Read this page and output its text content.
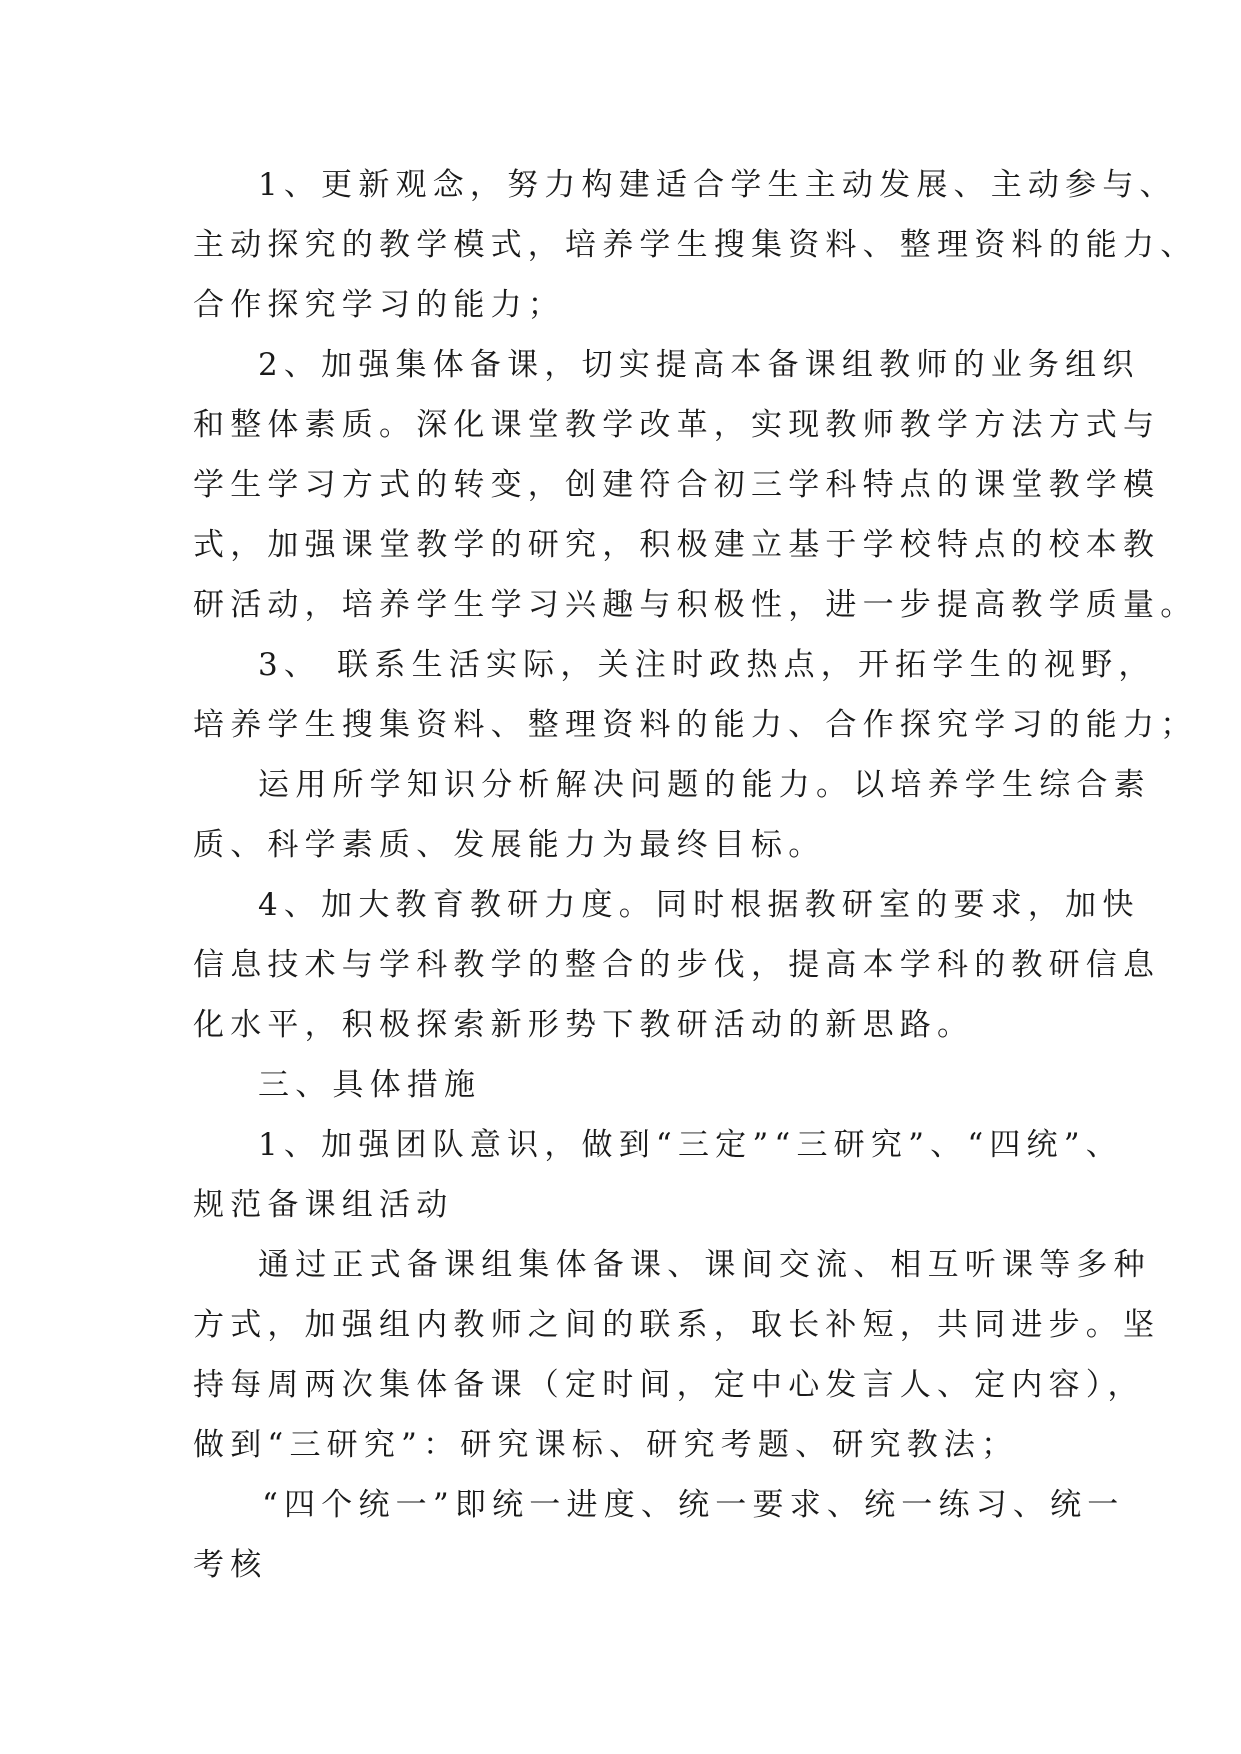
1、更新观念，努力构建适合学生主动发展、主动参与、
主动探究的教学模式，培养学生搜集资料、整理资料的能力、
合作探究学习的能力；
2、加强集体备课，切实提高本备课组教师的业务组织
和整体素质。深化课堂教学改革，实现教师教学方法方式与
学生学习方式的转变，创建符合初三学科特点的课堂教学模
式，加强课堂教学的研究，积极建立基于学校特点的校本教
研活动，培养学生学习兴趣与积极性，进一步提高教学质量。
3、 联系生活实际，关注时政热点，开拓学生的视野，
培养学生搜集资料、整理资料的能力、合作探究学习的能力；
运用所学知识分析解决问题的能力。以培养学生综合素
质、科学素质、发展能力为最终目标。
4、加大教育教研力度。同时根据教研室的要求，加快
信息技术与学科教学的整合的步伐，提高本学科的教研信息
化水平，积极探索新形势下教研活动的新思路。
三、具体措施
1、加强团队意识，做到“三定”“三研究”、“四统”、
规范备课组活动
通过正式备课组集体备课、课间交流、相互听课等多种
方式，加强组内教师之间的联系，取长补短，共同进步。坚
持每周两次集体备课（定时间，定中心发言人、定内容），
做到“三研究”：研究课标、研究考题、研究教法；
“四个统一”即统一进度、统一要求、统一练习、统一
考核
